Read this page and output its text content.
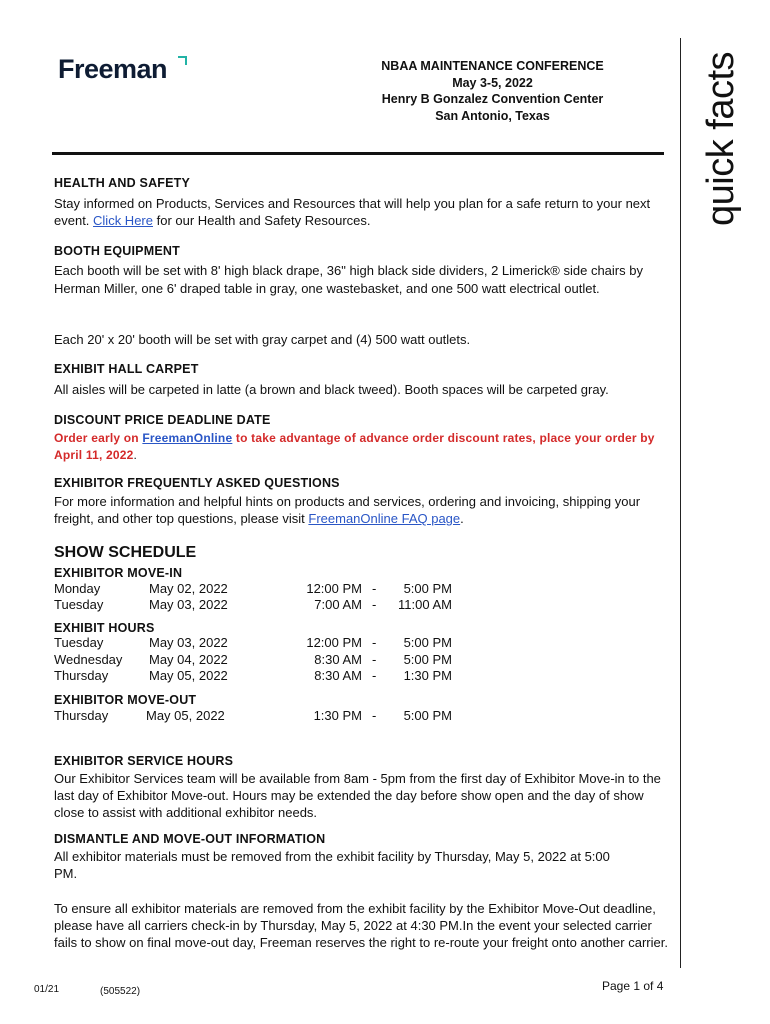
Freeman	NBAA MAINTENANCE CONFERENCE
May 3-5, 2022
Henry B Gonzalez Convention Center
San Antonio, Texas	quick facts
HEALTH AND SAFETY
Stay informed on Products, Services and Resources that will help you plan for a safe return to your next event. Click Here for our Health and Safety Resources.
BOOTH EQUIPMENT
Each booth will be set with 8' high black drape, 36" high black side dividers, 2 Limerick® side chairs by Herman Miller, one 6' draped table in gray, one wastebasket, and one 500 watt electrical outlet.
Each 20' x 20' booth will be set with gray carpet and (4) 500 watt outlets.
EXHIBIT HALL CARPET
All aisles will be carpeted in latte (a brown and black tweed). Booth spaces will be carpeted gray.
DISCOUNT PRICE DEADLINE DATE
Order early on FreemanOnline to take advantage of advance order discount rates, place your order by April 11, 2022.
EXHIBITOR FREQUENTLY ASKED QUESTIONS
For more information and helpful hints on products and services, ordering and invoicing, shipping your freight, and other top questions, please visit FreemanOnline FAQ page.
SHOW SCHEDULE
EXHIBITOR MOVE-IN
Monday	May 02, 2022	12:00 PM - 5:00 PM
Tuesday	May 03, 2022	7:00 AM - 11:00 AM
EXHIBIT HOURS
Tuesday	May 03, 2022	12:00 PM - 5:00 PM
Wednesday May 04, 2022	8:30 AM - 5:00 PM
Thursday	May 05, 2022	8:30 AM - 1:30 PM
EXHIBITOR MOVE-OUT
Thursday	May 05, 2022	1:30 PM - 5:00 PM
EXHIBITOR SERVICE HOURS
Our Exhibitor Services team will be available from 8am - 5pm from the first day of Exhibitor Move-in to the last day of Exhibitor Move-out. Hours may be extended the day before show open and the day of show close to assist with additional exhibitor needs.
DISMANTLE AND MOVE-OUT INFORMATION
All exhibitor materials must be removed from the exhibit facility by Thursday, May 5, 2022 at 5:00 PM.
To ensure all exhibitor materials are removed from the exhibit facility by the Exhibitor Move-Out deadline, please have all carriers check-in by Thursday, May 5, 2022 at 4:30 PM.In the event your selected carrier fails to show on final move-out day, Freeman reserves the right to re-route your freight onto another carrier.
01/21	(505522)	Page 1 of 4
